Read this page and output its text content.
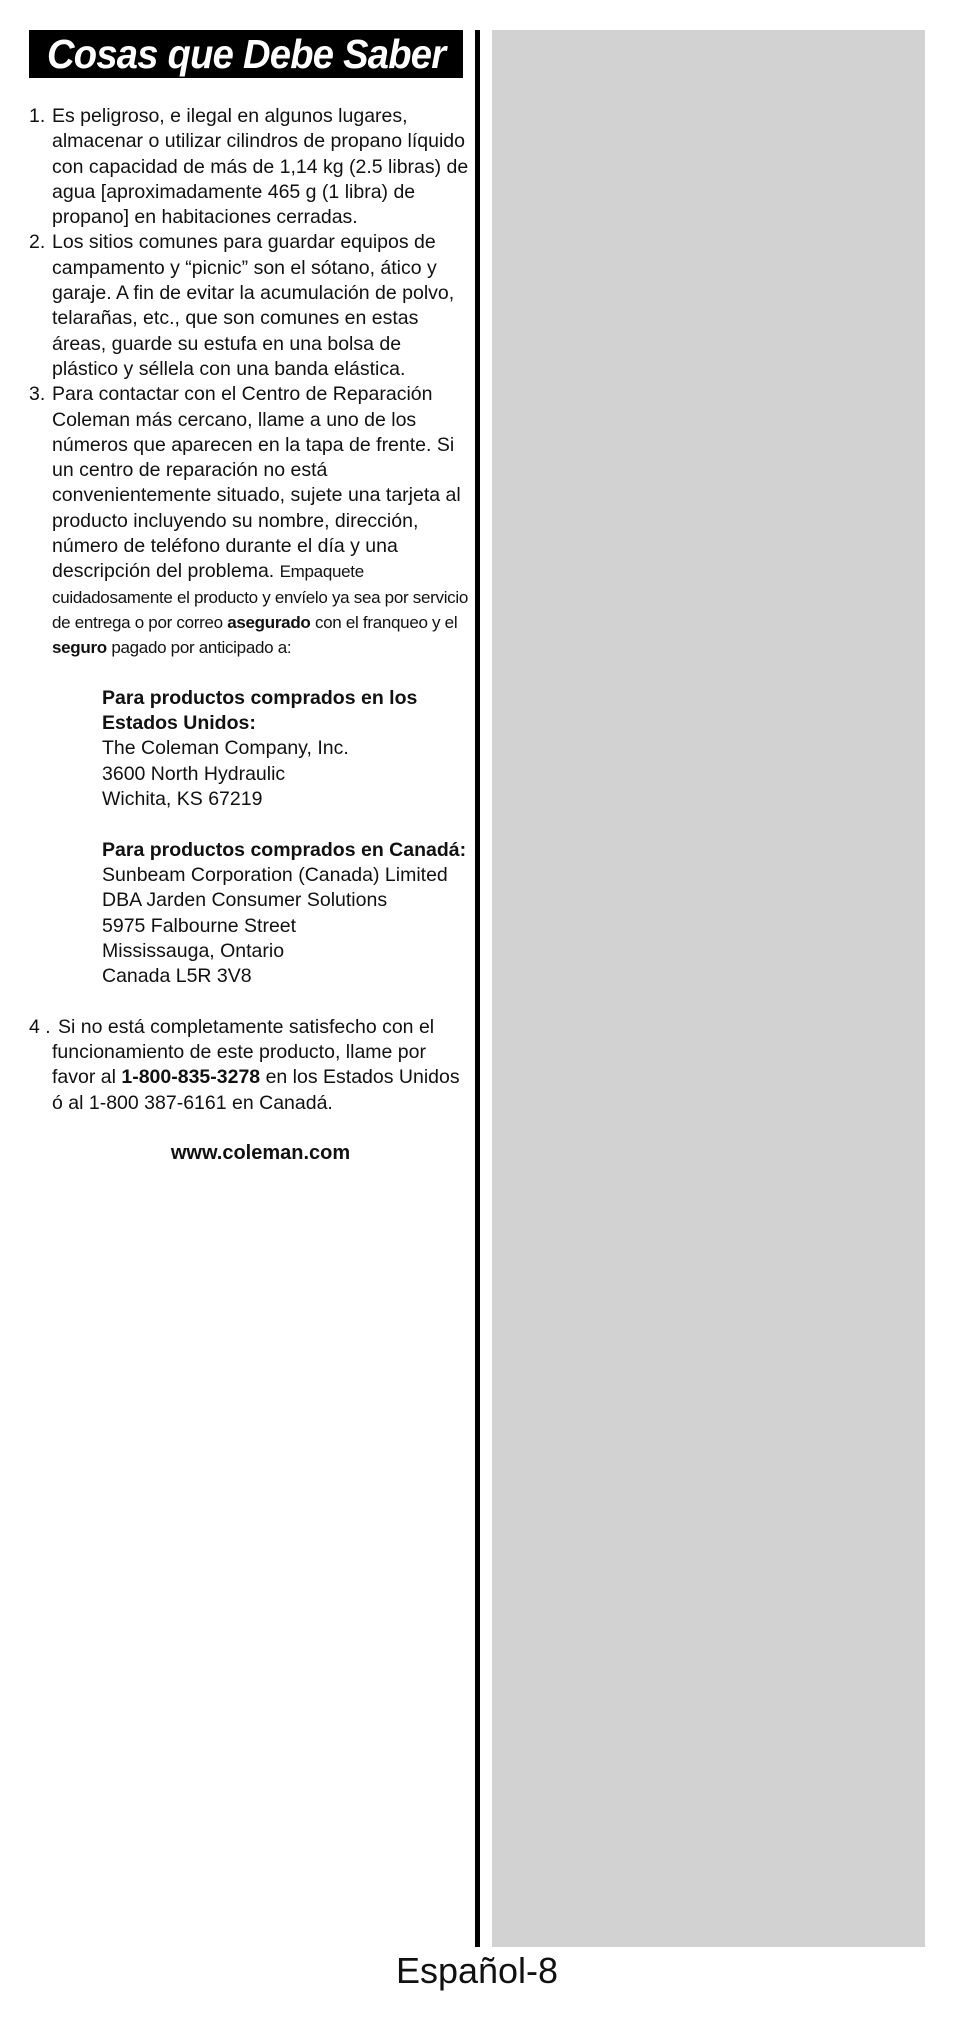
Cosas que Debe Saber
1. Es peligroso, e ilegal en algunos lugares, almacenar o utilizar cilindros de propano líquido con capacidad de más de 1,14 kg (2.5 libras) de agua [aproximadamente 465 g (1 libra) de propano] en habitaciones cerradas.
2. Los sitios comunes para guardar equipos de campamento y “picnic” son el sótano, ático y garaje. A fin de evitar la acumulación de polvo, telarañas, etc., que son comunes en estas áreas, guarde su estufa en una bolsa de plástico y séllela con una banda elástica.
3. Para contactar con el Centro de Reparación Coleman más cercano, llame a uno de los números que aparecen en la tapa de frente. Si un centro de reparación no está convenientemente situado, sujete una tarjeta al producto incluyendo su nombre, dirección, número de teléfono durante el día y una descripción del problema. Empaquete cuidadosamente el producto y envíelo ya sea por servicio de entrega o por correo asegurado con el franqueo y el seguro pagado por anticipado a:

Para productos comprados en los Estados Unidos:

The Coleman Company, Inc.

3600 North Hydraulic

Wichita, KS 67219

Para productos comprados en Canadá:

Sunbeam Corporation (Canada) Limited

DBA Jarden Consumer Solutions

5975 Falbourne Street

Mississauga, Ontario

Canada L5R 3V8

4 . Si no está completamente satisfecho con el funcionamiento de este producto, llame por favor al 1-800-835-3278 en los Estados Unidos ó al 1-800 387-6161 en Canadá.
www.coleman.com
Español-8
